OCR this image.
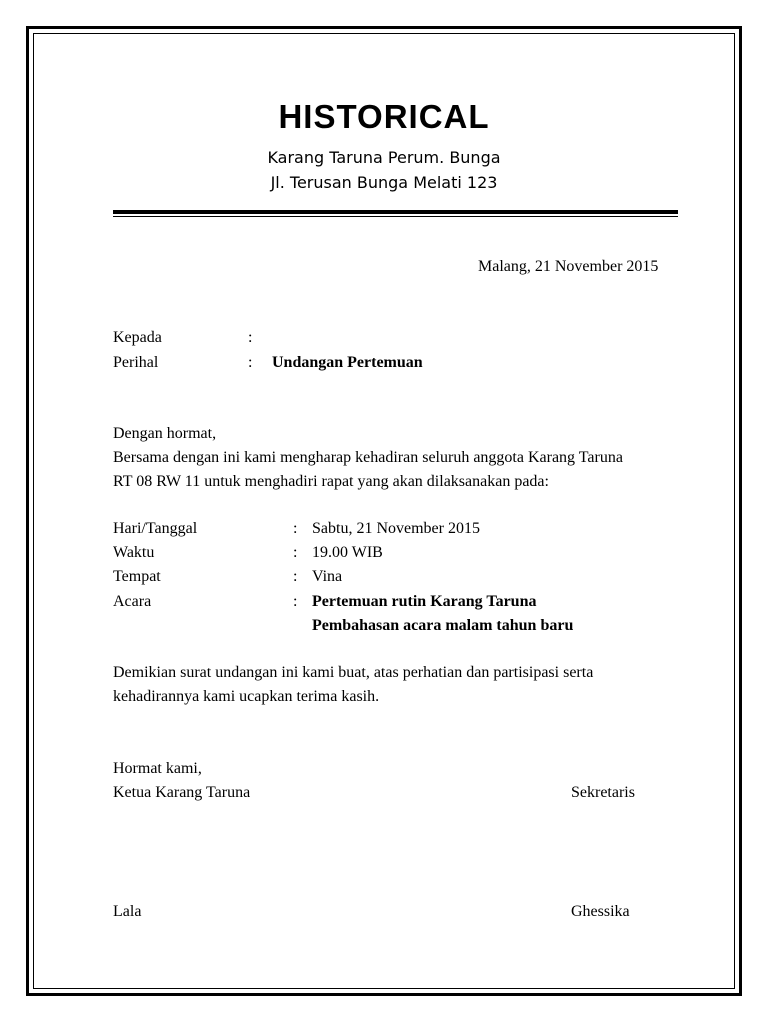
HISTORICAL
Karang Taruna Perum. Bunga
Jl. Terusan Bunga Melati 123
Malang, 21 November 2015
Kepada	:
Perihal	: Undangan Pertemuan
Dengan hormat,
Bersama dengan ini kami mengharap kehadiran seluruh anggota Karang Taruna
RT 08 RW 11 untuk menghadiri rapat yang akan dilaksanakan pada:
Hari/Tanggal	: Sabtu, 21 November 2015
Waktu	: 19.00 WIB
Tempat	: Vina
Acara	: Pertemuan rutin Karang Taruna
Pembahasan acara malam tahun baru
Demikian surat undangan ini kami buat, atas perhatian dan partisipasi serta
kehadirannya kami ucapkan terima kasih.
Hormat kami,
Ketua Karang Taruna	Sekretaris
Lala	Ghessika
